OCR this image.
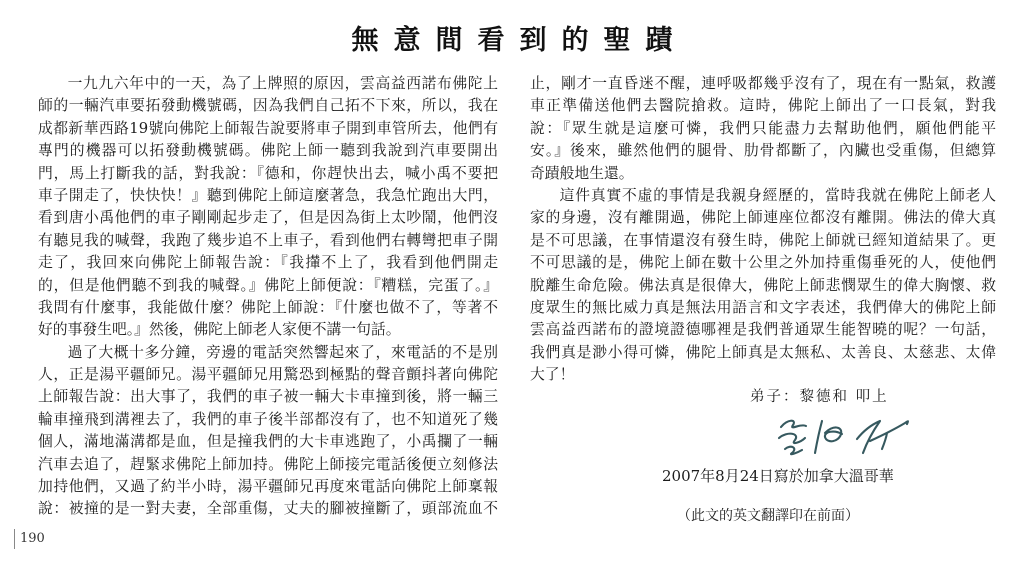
無意間看到的聖蹟
一九九六年中的一天，為了上牌照的原因，雲高益西諾布佛陀上
師的一輛汽車要拓發動機號碼，因為我們自己拓不下來，所以，我在
成都新華西路19號向佛陀上師報告說要將車子開到車管所去，他們有
專門的機器可以拓發動機號碼。佛陀上師一聽到我說到汽車要開出
門，馬上打斷我的話，對我說：『德和，你趕快出去，喊小禹不要把
車子開走了，快快快！』聽到佛陀上師這麼著急，我急忙跑出大門，
看到唐小禹他們的車子剛剛起步走了，但是因為街上太吵鬧，他們沒
有聽見我的喊聲，我跑了幾步追不上車子，看到他們右轉彎把車子開
走了，我回來向佛陀上師報告說：『我攆不上了，我看到他們開走
的，但是他們聽不到我的喊聲。』佛陀上師便說：『糟糕，完蛋了。』
我問有什麼事，我能做什麼？佛陀上師說：『什麼也做不了，等著不
好的事發生吧。』然後，佛陀上師老人家便不講一句話。
過了大概十多分鐘，旁邊的電話突然響起來了，來電話的不是別
人，正是湯平疆師兄。湯平疆師兄用驚恐到極點的聲音顫抖著向佛陀
上師報告說：出大事了，我們的車子被一輛大卡車撞到後，將一輛三
輪車撞飛到溝裡去了，我們的車子後半部都沒有了，也不知道死了幾
個人，滿地滿溝都是血，但是撞我們的大卡車逃跑了，小禹攔了一輛
汽車去追了，趕緊求佛陀上師加持。佛陀上師接完電話後便立刻修法
加持他們，又過了約半小時，湯平疆師兄再度來電話向佛陀上師稟報
說：被撞的是一對夫妻，全部重傷，丈夫的腳被撞斷了，頭部流血不
止，剛才一直昏迷不醒，連呼吸都幾乎沒有了，現在有一點氣，救護
車正準備送他們去醫院搶救。這時，佛陀上師出了一口長氣，對我
說：『眾生就是這麼可憐，我們只能盡力去幫助他們，願他們能平
安。』後來，雖然他們的腿骨、肋骨都斷了，內臟也受重傷，但總算
奇蹟般地生還。
這件真實不虛的事情是我親身經歷的，當時我就在佛陀上師老人
家的身邊，沒有離開過，佛陀上師連座位都沒有離開。佛法的偉大真
是不可思議，在事情還沒有發生時，佛陀上師就已經知道結果了。更
不可思議的是，佛陀上師在數十公里之外加持重傷垂死的人，使他們
脫離生命危險。佛法真是很偉大，佛陀上師悲憫眾生的偉大胸懷、救
度眾生的無比威力真是無法用語言和文字表述，我們偉大的佛陀上師
雲高益西諾布的證境證德哪裡是我們普通眾生能智曉的呢？一句話，
我們真是渺小得可憐，佛陀上師真是太無私、太善良、太慈悲、太偉
大了！
弟子：黎德和 叩上
2007年8月24日寫於加拿大溫哥華
（此文的英文翻譯印在前面）
190
